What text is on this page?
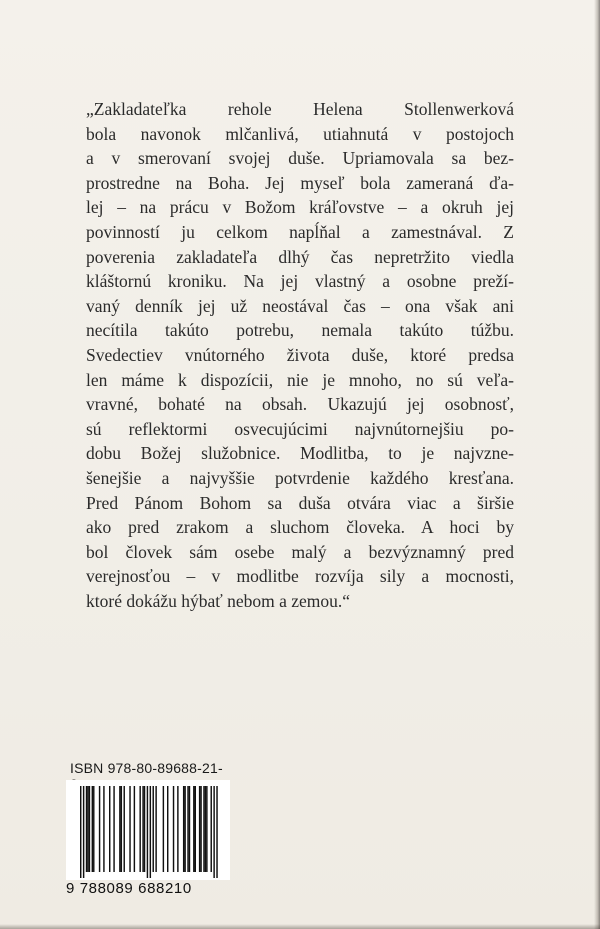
„Zakladateľka rehole Helena Stollenwerková
bola navonok mlčanlivá, utiahnutá v postojoch
a v smerovaní svojej duše. Upriamovala sa bez-
prostredne na Boha. Jej myseľ bola zameraná ďa-
lej – na prácu v Božom kráľovstve – a okruh jej
povinností ju celkom napĺňal a zamestnával. Z
poverenia zakladateľa dlhý čas nepretržito viedla
kláštornú kroniku. Na jej vlastný a osobne preží-
vaný denník jej už neostával čas – ona však ani
necítila takúto potrebu, nemala takúto túžbu.
Svedectiev vnútorného života duše, ktoré predsa
len máme k dispozícii, nie je mnoho, no sú veľa-
vravné, bohaté na obsah. Ukazujú jej osobnosť,
sú reflektormi osvecujúcimi najvnútornejšiu po-
dobu Božej služobnice. Modlitba, to je najvzne-
šenejšie a najvyššie potvrdenie každého kresťana.
Pred Pánom Bohom sa duša otvára viac a širšie
ako pred zrakom a sluchom človeka. A hoci by
bol človek sám osebe malý a bezvýznamný pred
verejnosťou – v modlitbe rozvíja sily a mocnosti,
ktoré dokážu hýbať nebom a zemou.“
ISBN 978-80-89688-21-
9 788089 688210
